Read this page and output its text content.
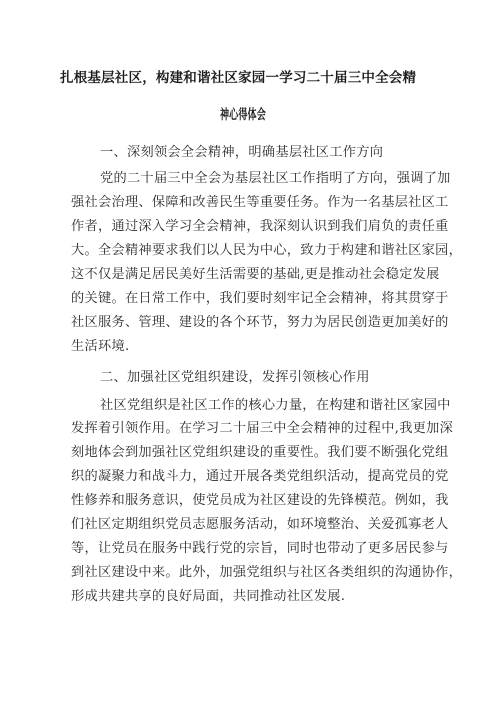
扎根基层社区，构建和谐社区家园一学习二十届三中全会精
神心得体会
一、深刻领会全会精神，明确基层社区工作方向
党的二十届三中全会为基层社区工作指明了方向，强调了加
强社会治理、保障和改善民生等重要任务。作为一名基层社区工
作者，通过深入学习全会精神，我深刻认识到我们肩负的责任重
大。全会精神要求我们以人民为中心，致力于构建和谐社区家园，
这不仅是满足居民美好生活需要的基础,更是推动社会稳定发展
的关键。在日常工作中，我们要时刻牢记全会精神，将其贯穿于
社区服务、管理、建设的各个环节，努力为居民创造更加美好的
生活环境.
二、加强社区党组织建设，发挥引领核心作用
社区党组织是社区工作的核心力量，在构建和谐社区家园中
发挥着引领作用。在学习二十届三中全会精神的过程中,我更加深
刻地体会到加强社区党组织建设的重要性。我们要不断强化党组
织的凝聚力和战斗力，通过开展各类党组织活动，提高党员的党
性修养和服务意识，使党员成为社区建设的先锋模范。例如，我
们社区定期组织党员志愿服务活动，如环境整治、关爱孤寡老人
等，让党员在服务中践行党的宗旨，同时也带动了更多居民参与
到社区建设中来。此外，加强党组织与社区各类组织的沟通协作，
形成共建共享的良好局面，共同推动社区发展.
